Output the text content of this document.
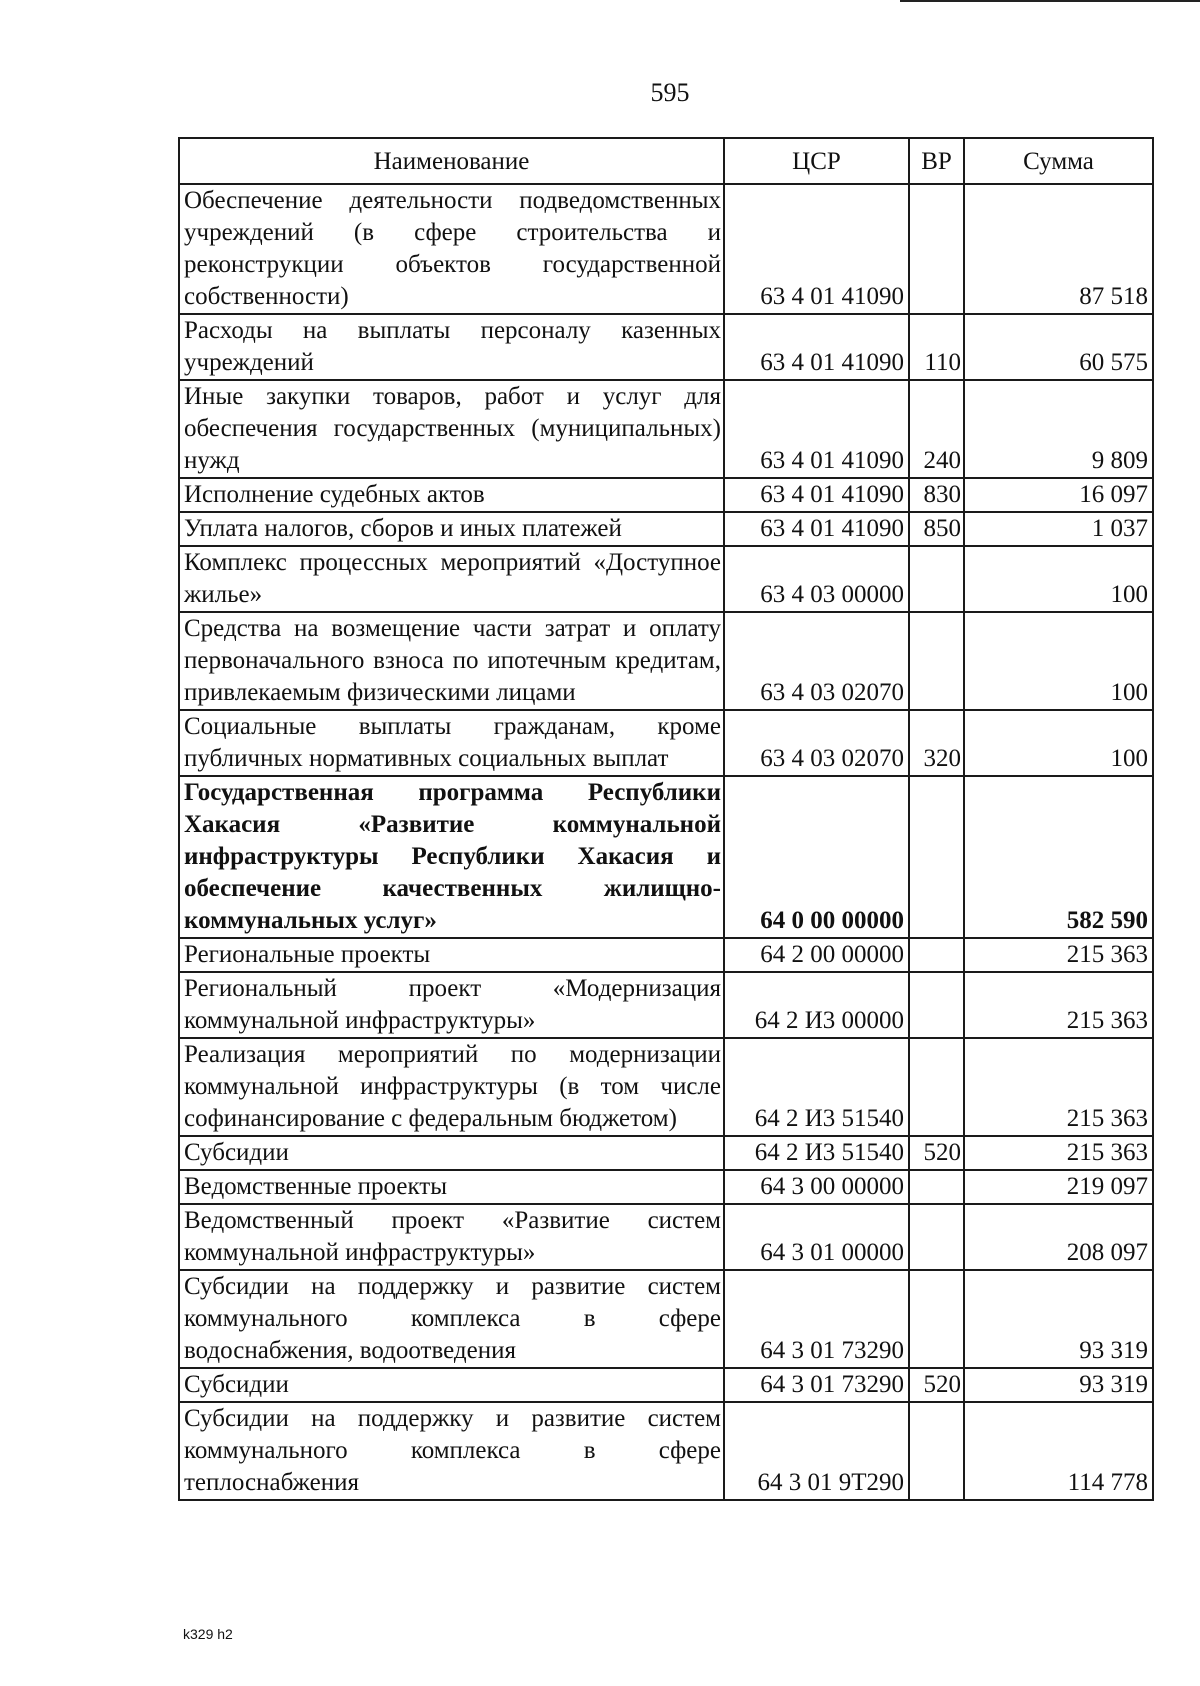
595
Наименование	ЦСР	ВР	Сумма
Обеспечение деятельности подведомственных учреждений (в сфере строительства и реконструкции объектов государственной собственности)	63 4 01 41090		87 518
Расходы на выплаты персоналу казенных учреждений	63 4 01 41090	110	60 575
Иные закупки товаров, работ и услуг для обеспечения государственных (муниципальных) нужд	63 4 01 41090	240	9 809
Исполнение судебных актов	63 4 01 41090	830	16 097
Уплата налогов, сборов и иных платежей	63 4 01 41090	850	1 037
Комплекс процессных мероприятий «Доступное жилье»	63 4 03 00000		100
Средства на возмещение части затрат и оплату первоначального взноса по ипотечным кредитам, привлекаемым физическими лицами	63 4 03 02070		100
Социальные выплаты гражданам, кроме публичных нормативных социальных выплат	63 4 03 02070	320	100
Государственная программа Республики Хакасия «Развитие коммунальной инфраструктуры Республики Хакасия и обеспечение качественных жилищно-коммунальных услуг»	64 0 00 00000		582 590
Региональные проекты	64 2 00 00000		215 363
Региональный проект «Модернизация коммунальной инфраструктуры»	64 2 И3 00000		215 363
Реализация мероприятий по модернизации коммунальной инфраструктуры (в том числе софинансирование с федеральным бюджетом)	64 2 И3 51540		215 363
Субсидии	64 2 И3 51540	520	215 363
Ведомственные проекты	64 3 00 00000		219 097
Ведомственный проект «Развитие систем коммунальной инфраструктуры»	64 3 01 00000		208 097
Субсидии на поддержку и развитие систем коммунального комплекса в сфере водоснабжения, водоотведения	64 3 01 73290		93 319
Субсидии	64 3 01 73290	520	93 319
Субсидии на поддержку и развитие систем коммунального комплекса в сфере теплоснабжения	64 3 01 9Т290		114 778
k329 h2
